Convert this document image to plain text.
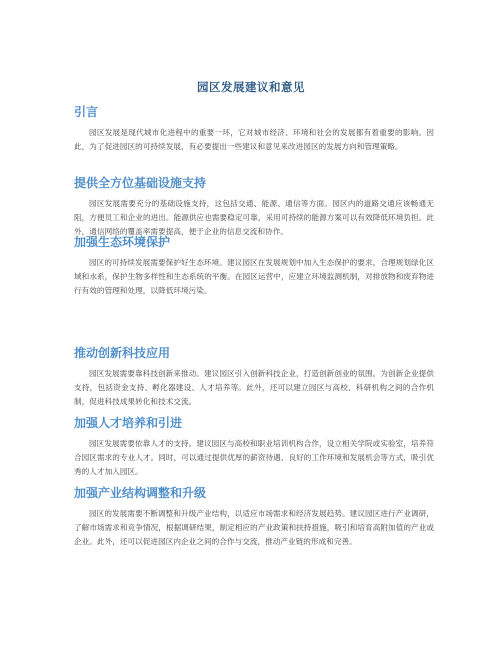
园区发展建议和意见
引言

园区发展是现代城市化进程中的重要一环，它对城市经济、环境和社会的发展都有着重要的影响。因此，为了促进园区的可持续发展，有必要提出一些建议和意见来改进园区的发展方向和管理策略。

提供全方位基础设施支持

园区发展需要充分的基础设施支持，这包括交通、能源、通信等方面。园区内的道路交通应该畅通无阻，方便员工和企业的进出。能源供应也需要稳定可靠，采用可持续的能源方案可以有效降低环境负担。此外，通信网络的覆盖率需要提高，便于企业的信息交流和协作。

加强生态环境保护

园区的可持续发展需要保护好生态环境。建议园区在发展规划中加入生态保护的要求，合理规划绿化区域和水系，保护生物多样性和生态系统的平衡。在园区运营中，应建立环境监测机制，对排放物和废弃物进行有效的管理和处理，以降低环境污染。

推动创新科技应用

园区发展需要靠科技创新来推动。建议园区引入创新科技企业，打造创新创业的氛围。为创新企业提供支持，包括资金支持、孵化器建设、人才培养等。此外，还可以建立园区与高校、科研机构之间的合作机制，促进科技成果转化和技术交流。

加强人才培养和引进

园区发展需要依靠人才的支持。建议园区与高校和职业培训机构合作，设立相关学院或实验室，培养符合园区需求的专业人才。同时，可以通过提供优厚的薪资待遇、良好的工作环境和发展机会等方式，吸引优秀的人才加入园区。

加强产业结构调整和升级

园区的发展需要不断调整和升级产业结构，以适应市场需求和经济发展趋势。建议园区进行产业调研，了解市场需求和竞争情况，根据调研结果，制定相应的产业政策和扶持措施，吸引和培育高附加值的产业或企业。此外，还可以促进园区内企业之间的合作与交流，推动产业链的形成和完善。
